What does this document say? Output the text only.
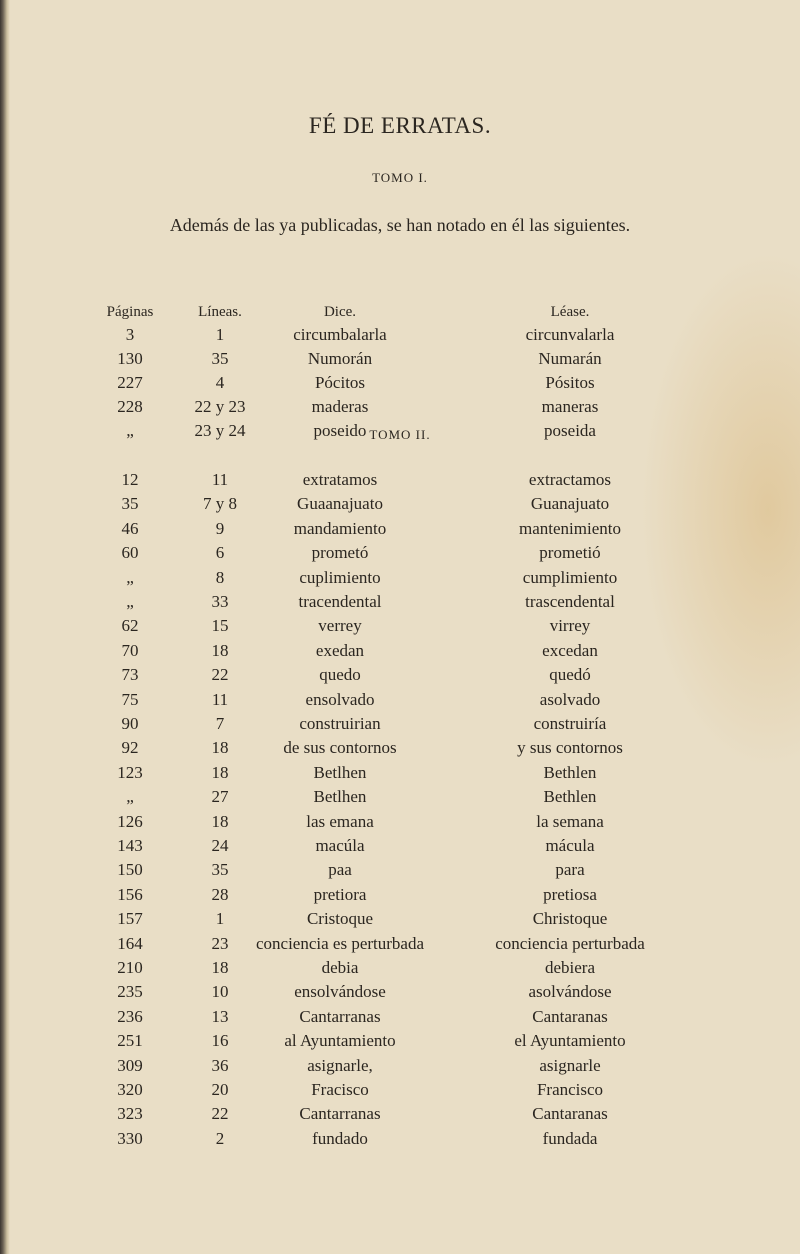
FÉ DE ERRATAS.
TOMO I.
Además de las ya publicadas, se han notado en él las siguientes.
Páginas	Líneas.	Dice.	Léase.
3	1	circumbalarla	circunvalarla
130	35	Numorán	Numarán
227	4	Pócitos	Pósitos
228	22 y 23	maderas	maneras
„	23 y 24	poseido	poseida
TOMO II.
12	11	extratamos	extractamos
35	7 y 8	Guaanajuato	Guanajuato
46	9	mandamiento	mantenimiento
60	6	prometó	prometió
„	8	cuplimiento	cumplimiento
„	33	tracendental	trascendental
62	15	verrey	virrey
70	18	exedan	excedan
73	22	quedo	quedó
75	11	ensolvado	asolvado
90	7	construirian	construiría
92	18	de sus contornos	y sus contornos
123	18	Betlhen	Bethlen
„	27	Betlhen	Bethlen
126	18	las emana	la semana
143	24	macúla	mácula
150	35	paa	para
156	28	pretiora	pretiosa
157	1	Cristoque	Christoque
164	23	conciencia es perturbada	conciencia perturbada
210	18	debia	debiera
235	10	ensolvándose	asolvándose
236	13	Cantarranas	Cantaranas
251	16	al Ayuntamiento	el Ayuntamiento
309	36	asignarle,	asignarle
320	20	Fracisco	Francisco
323	22	Cantarranas	Cantaranas
330	2	fundado	fundada
